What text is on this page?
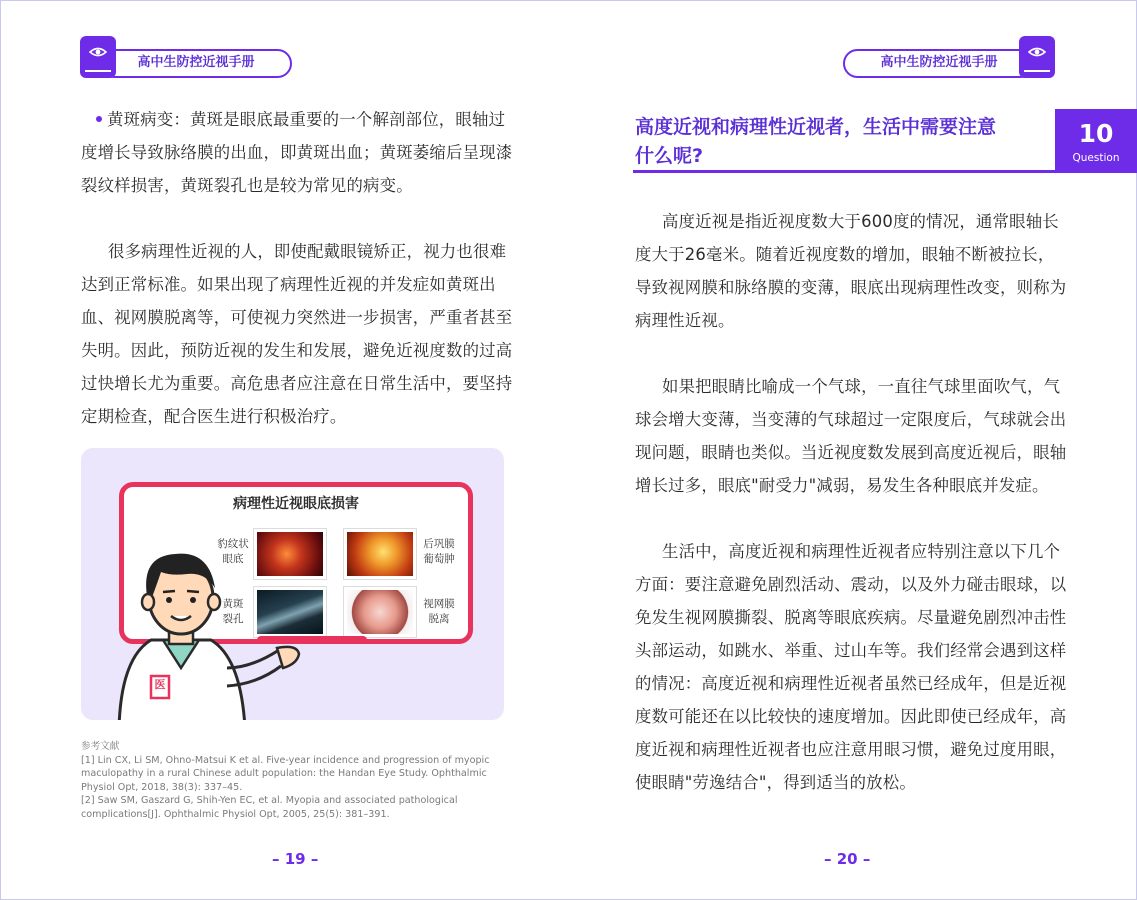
高中生防控近视手册	高中生防控近视手册
黄斑病变：黄斑是眼底最重要的一个解剖部位，眼轴过
度增长导致脉络膜的出血，即黄斑出血；黄斑萎缩后呈现漆
裂纹样损害，黄斑裂孔也是较为常见的病变。
很多病理性近视的人，即使配戴眼镜矫正，视力也很难
达到正常标准。如果出现了病理性近视的并发症如黄斑出
血、视网膜脱离等，可使视力突然进一步损害，严重者甚至
失明。因此，预防近视的发生和发展，避免近视度数的过高
过快增长尤为重要。高危患者应注意在日常生活中，要坚持
定期检查，配合医生进行积极治疗。
病理性近视眼底损害
豹纹状
眼底
后巩膜
葡萄肿
黄斑
裂孔
视网膜
脱离
医
参考文献
[1] Lin CX, Li SM, Ohno-Matsui K et al. Five-year incidence and progression of myopic
maculopathy in a rural Chinese adult population: the Handan Eye Study. Ophthalmic
Physiol Opt, 2018, 38(3): 337–45.
[2] Saw SM, Gaszard G, Shih-Yen EC, et al. Myopia and associated pathological
complications[J]. Ophthalmic Physiol Opt, 2005, 25(5): 381–391.
– 19 –
高度近视和病理性近视者，生活中需要注意
什么呢?
10
Question
高度近视是指近视度数大于600度的情况，通常眼轴长
度大于26毫米。随着近视度数的增加，眼轴不断被拉长，
导致视网膜和脉络膜的变薄，眼底出现病理性改变，则称为
病理性近视。
如果把眼睛比喻成一个气球，一直往气球里面吹气，气
球会增大变薄，当变薄的气球超过一定限度后，气球就会出
现问题，眼睛也类似。当近视度数发展到高度近视后，眼轴
增长过多，眼底"耐受力"减弱，易发生各种眼底并发症。
生活中，高度近视和病理性近视者应特别注意以下几个
方面：要注意避免剧烈活动、震动，以及外力碰击眼球，以
免发生视网膜撕裂、脱离等眼底疾病。尽量避免剧烈冲击性
头部运动，如跳水、举重、过山车等。我们经常会遇到这样
的情况：高度近视和病理性近视者虽然已经成年，但是近视
度数可能还在以比较快的速度增加。因此即使已经成年，高
度近视和病理性近视者也应注意用眼习惯，避免过度用眼，
使眼睛"劳逸结合"，得到适当的放松。
– 20 –
